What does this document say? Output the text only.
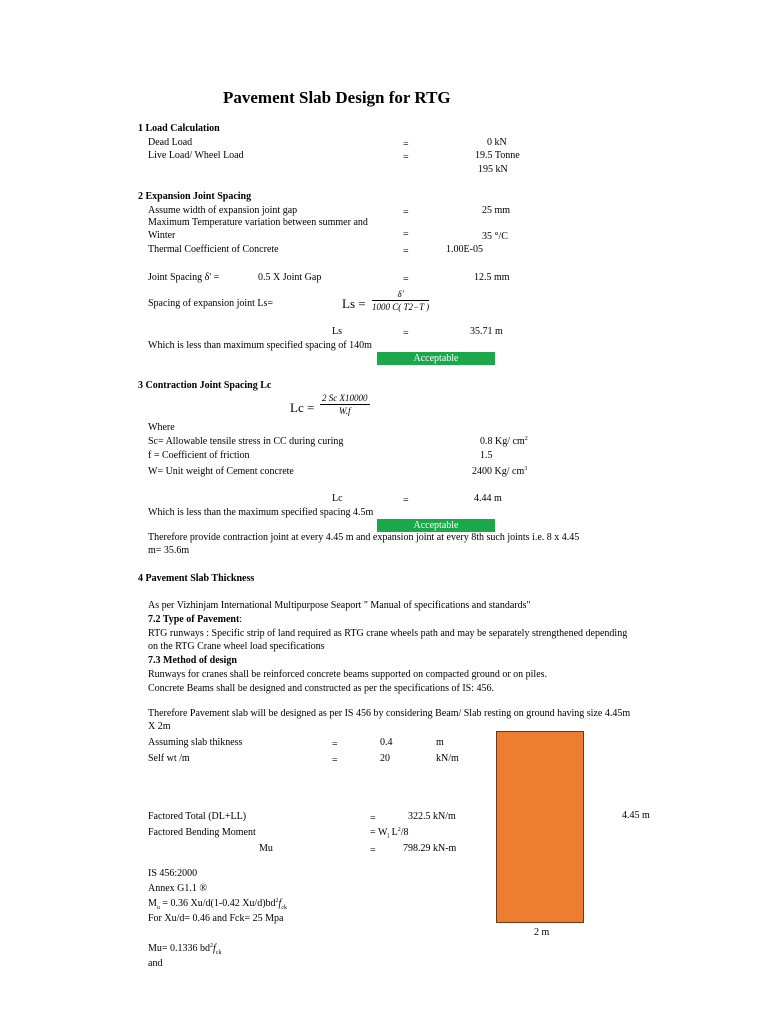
Pavement Slab Design for RTG
1 Load Calculation
Dead Load	=	0 kN
Live Load/ Wheel Load	=	19.5 Tonne
195 kN
2 Expansion Joint Spacing
Assume width of expansion joint gap	=	25 mm
Maximum Temperature variation between summer and
Winter	=	35 °/C
Thermal Coefficient of Concrete	=	1.00E-05
Joint Spacing δ' =	0.5 X Joint Gap	=	12.5 mm
Spacing of expansion joint Ls=	$Ls = \frac{\delta'}{1000 C( T2-T )}$
Ls	=	35.71 m
Which is less than maximum specified spacing of 140m
Acceptable
3 Contraction Joint Spacing Lc
$Lc = \frac{\text{2 Sc X10000}}{W.f}$
Where
Sc= Allowable tensile stress in CC during curing	0.8 Kg/ $cm^2$
f = Coefficient of friction	1.5
W= Unit weight of Cement concrete	2400 Kg/ $cm^3$
Lc	=	4.44 m
Which is less than the maximum specified spacing 4.5m
Acceptable
Therefore provide contraction joint at every 4.45 m and expansion joint at every 8th such joints i.e. 8 x 4.45
m= 35.6m
4 Pavement Slab Thickness
As per Vizhinjam International Multipurpose Seaport " Manual of specifications and standards"
7.2 Type of Pavement:
RTG runways : Specific strip of land required as RTG crane wheels path and may be separately strengthened depending
on the RTG Crane wheel load specifications
7.3 Method of design
Runways for cranes shall be reinforced concrete beams supported on compacted ground or on piles.
Concrete Beams shall be designed and constructed as per the specifications of IS: 456.
Therefore Pavement slab will be designed as per IS 456 by considering Beam/ Slab resting on ground having size 4.45m
X 2m
Assuming slab thikness	=	0.4	m
Self wt /m	=	20	kN/m
Factored Total (DL+LL)	=	322.5 kN/m
Factored Bending Moment	= $W_l$ $L^2/8$
Mu	=	798.29 kN-m
IS 456:2000
Annex G1.1 ®
$M_u = 0.36$ Xu/d(1-0.42 $Xu/d)bd^2f_{ck}$
For Xu/d= 0.46 and Fck= 25 Mpa
Mu= 0.1336 $bd^2f_{ck}$
and
4.45 m
2 m
